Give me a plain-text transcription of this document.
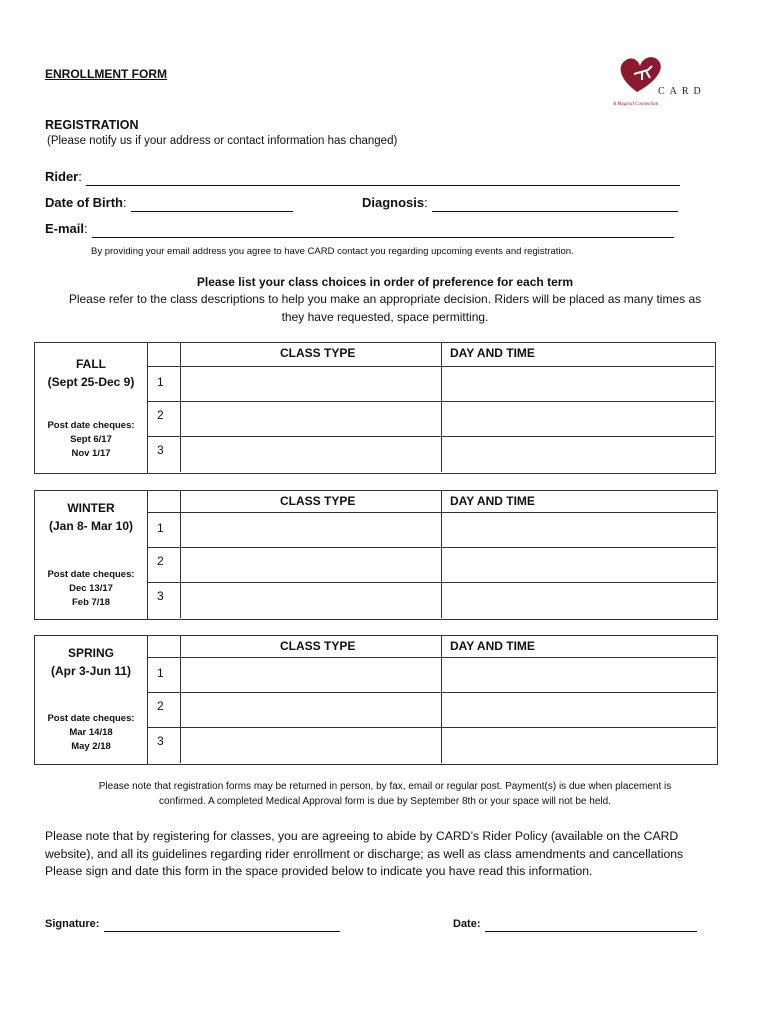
ENROLLMENT FORM
CARD
A Magical Connection
REGISTRATION
(Please notify us if your address or contact information has changed)
Rider:
Date of Birth:	Diagnosis:
E-mail:
By providing your email address you agree to have CARD contact you regarding upcoming events and registration.
Please list your class choices in order of preference for each term
Please refer to the class descriptions to help you make an appropriate decision. Riders will be placed as many times as
they have requested, space permitting.
FALL
(Sept 25-Dec 9)
Post date cheques:
Sept 6/17
Nov 1/17
CLASS TYPE	DAY AND TIME
1
2
3
WINTER
(Jan 8- Mar 10)
Post date cheques:
Dec 13/17
Feb 7/18
CLASS TYPE	DAY AND TIME
1
2
3
SPRING
(Apr 3-Jun 11)
Post date cheques:
Mar 14/18
May 2/18
CLASS TYPE	DAY AND TIME
1
2
3
Please note that registration forms may be returned in person, by fax, email or regular post. Payment(s) is due when placement is
confirmed. A completed Medical Approval form is due by September 8th or your space will not be held.
Please note that by registering for classes, you are agreeing to abide by CARD’s Rider Policy (available on the CARD
website), and all its guidelines regarding rider enrollment or discharge; as well as class amendments and cancellations
Please sign and date this form in the space provided below to indicate you have read this information.
Signature:	Date:
